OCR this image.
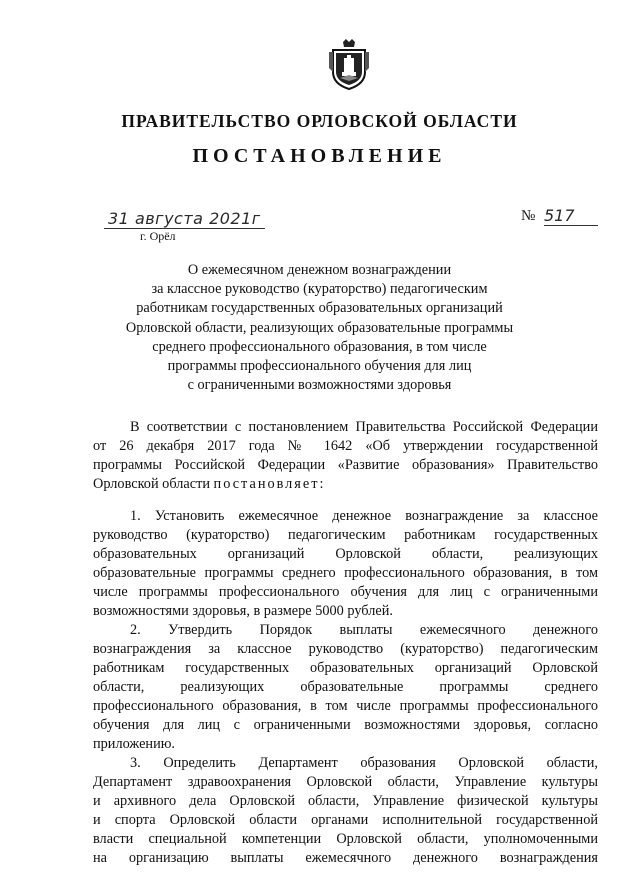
ПРАВИТЕЛЬСТВО ОРЛОВСКОЙ ОБЛАСТИ
ПОСТАНОВЛЕНИЕ
31 августа 2021г
г. Орёл
№ 517
О ежемесячном денежном вознаграждении
за классное руководство (кураторство) педагогическим
работникам государственных образовательных организаций
Орловской области, реализующих образовательные программы
среднего профессионального образования, в том числе
программы профессионального обучения для лиц
с ограниченными возможностями здоровья
В соответствии с постановлением Правительства Российской Федерации
от 26 декабря 2017 года № 1642 «Об утверждении государственной
программы Российской Федерации «Развитие образования» Правительство
Орловской области постановляет:
1. Установить ежемесячное денежное вознаграждение за классное
руководство (кураторство) педагогическим работникам государственных
образовательных организаций Орловской области, реализующих
образовательные программы среднего профессионального образования, в том
числе программы профессионального обучения для лиц с ограниченными
возможностями здоровья, в размере 5000 рублей.
2. Утвердить Порядок выплаты ежемесячного денежного
вознаграждения за классное руководство (кураторство) педагогическим
работникам государственных образовательных организаций Орловской
области, реализующих образовательные программы среднего
профессионального образования, в том числе программы профессионального
обучения для лиц с ограниченными возможностями здоровья, согласно
приложению.
3. Определить Департамент образования Орловской области,
Департамент здравоохранения Орловской области, Управление культуры
и архивного дела Орловской области, Управление физической культуры
и спорта Орловской области органами исполнительной государственной
власти специальной компетенции Орловской области, уполномоченными
на организацию выплаты ежемесячного денежного вознаграждения
